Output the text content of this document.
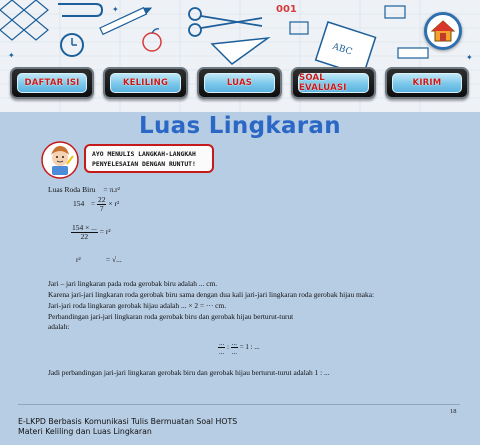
001
ABC
✦
✦	✦
DAFTAR ISI	KELILING	LUAS	SOAL EVALUASI	KIRIM
Luas Lingkaran
AYO MENULIS LANGKAH-LANGKAH
PENYELESAIAN DENGAN RUNTUT!
Luas Roda Biru = π.r²
$154 = \frac{22}{7} \times r^2$
$\frac{154 \times ...}{22} = r^2$
r²	= √...
Jari – jari lingkaran pada roda gerobak biru adalah ... cm.
Karena jari-jari lingkaran roda gerobak biru sama dengan dua kali jari-jari lingkaran roda gerobak hijau maka:
Jari-jari roda lingkaran gerobak hijau adalah ... × 2 = ··· cm.
Perbandingan jari-jari lingkaran roda gerobak biru dan gerobak hijau berturut-turut
adalah:
$\frac{...}{...}$ : $\frac{...}{...} = 1$ : ...
Jadi perbandingan jari-jari lingkaran gerobak biru dan gerobak hijau berturut-turut adalah 1 : ...
18
E-LKPD Berbasis Komunikasi Tulis Bermuatan Soal HOTS
Materi Keliling dan Luas Lingkaran
